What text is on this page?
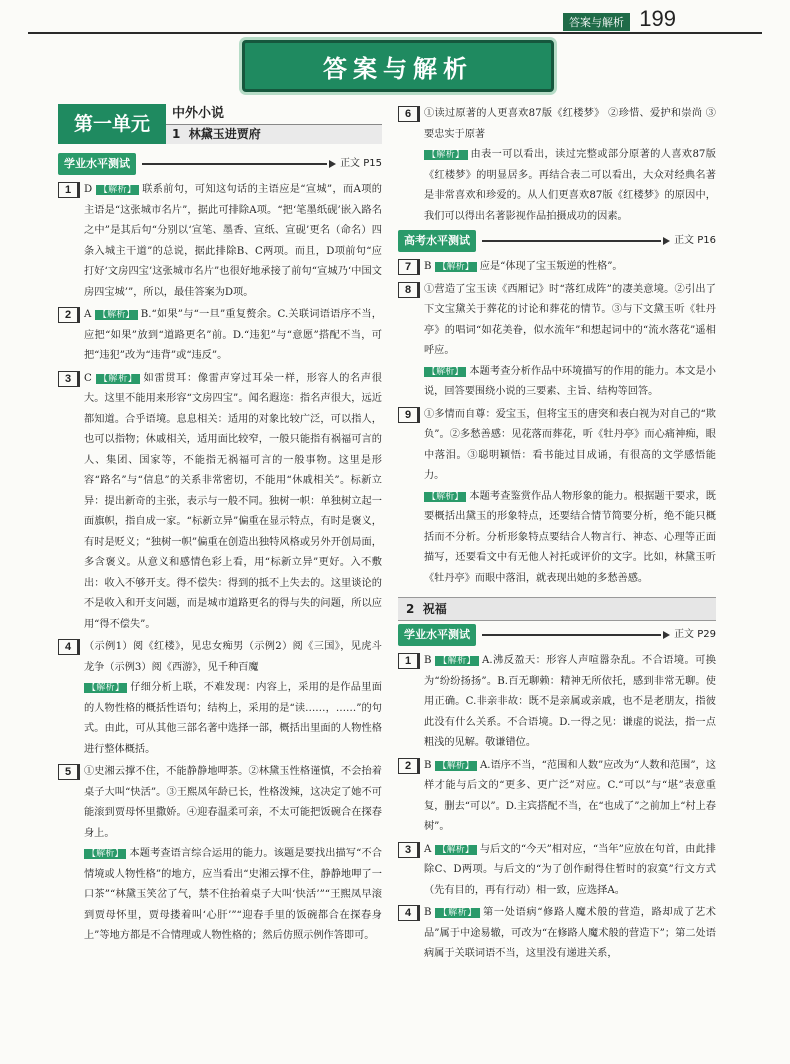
答案与解析 199
答案与解析
第一单元	中外小说
1 林黛玉进贾府
学业水平测试	正文 P15
1	D 【解析】 联系前句，可知这句话的主语应是“宣城”，而A项的主语是“这张城市名片”，据此可排除A项。“把‘笔墨纸砚’嵌入路名之中”是其后句“分别以‘宣笔、墨香、宣纸、宣砚’更名（命名）四条入城主干道”的总说，据此排除B、C两项。而且，D项前句“应打好‘文房四宝’这张城市名片”也很好地承接了前句“宣城乃‘中国文房四宝城’”，所以，最佳答案为D项。

2	A 【解析】 B.“如果”与“一旦”重复赘余。C.关联词语语序不当，应把“如果”放到“道路更名”前。D.“违犯”与“意愿”搭配不当，可把“违犯”改为“违背”或“违反”。

3	C 【解析】 如雷贯耳：像雷声穿过耳朵一样，形容人的名声很大。这里不能用来形容“文房四宝”。闻名遐迩：指名声很大，远近都知道。合乎语境。息息相关：适用的对象比较广泛，可以指人，也可以指物；休戚相关，适用面比较窄，一般只能指有祸福可言的人、集团、国家等，不能指无祸福可言的一般事物。这里是形容“路名”与“信息”的关系非常密切，不能用“休戚相关”。标新立异：提出新奇的主张，表示与一般不同。独树一帜：单独树立起一面旗帜，指自成一家。“标新立异”偏重在显示特点，有时是褒义，有时是贬义；“独树一帜”偏重在创造出独特风格或另外开创局面，多含褒义。从意义和感情色彩上看，用“标新立异”更好。入不敷出：收入不够开支。得不偿失：得到的抵不上失去的。这里谈论的不是收入和开支问题，而是城市道路更名的得与失的问题，所以应用“得不偿失”。

4	（示例1）阅《红楼》，见忠女痴男（示例2）阅《三国》，见虎斗龙争（示例3）阅《西游》，见千种百魔

【解析】 仔细分析上联，不难发现：内容上，采用的是作品里面的人物性格的概括性语句；结构上，采用的是“读……，……”的句式。由此，可从其他三部名著中选择一部，概括出里面的人物性格进行整体概括。

5	①史湘云撑不住，不能静静地呷茶。②林黛玉性格谨慎，不会抬着桌子大叫“快活”。③王熙凤年龄已长，性格泼辣，这决定了她不可能滚到贾母怀里撒娇。④迎春温柔可亲，不太可能把饭碗合在探春身上。

【解析】 本题考查语言综合运用的能力。该题是要找出描写“不合情境或人物性格”的地方，应当看出“史湘云撑不住，静静地呷了一口茶”“林黛玉笑岔了气，禁不住抬着桌子大叫‘快活’”“王熙凤早滚到贾母怀里，贾母搂着叫‘心肝’”“迎春手里的饭碗都合在探春身上”等地方都是不合情理或人物性格的；然后仿照示例作答即可。

6	①读过原著的人更喜欢87版《红楼梦》 ②珍惜、爱护和崇尚 ③要忠实于原著

【解析】 由表一可以看出，读过完整或部分原著的人喜欢87版《红楼梦》的明显居多。再结合表二可以看出，大众对经典名著是非常喜欢和珍爱的。从人们更喜欢87版《红楼梦》的原因中，我们可以得出名著影视作品拍摄成功的因素。

高考水平测试	正文 P16
7	B 【解析】 应是“体现了宝玉叛逆的性格”。

8	①营造了宝玉读《西厢记》时“落红成阵”的凄美意境。②引出了下文宝黛关于葬花的讨论和葬花的情节。③与下文黛玉听《牡丹亭》的唱词“如花美眷，似水流年”和想起词中的“流水落花”遥相呼应。

【解析】 本题考查分析作品中环境描写的作用的能力。本文是小说，回答要围绕小说的三要素、主旨、结构等回答。

9	①多情而自尊：爱宝玉，但将宝玉的唐突和表白视为对自己的“欺负”。②多愁善感：见花落而葬花，听《牡丹亭》而心痛神痴，眼中落泪。③聪明颖悟：看书能过目成诵，有很高的文学感悟能力。

【解析】 本题考查鉴赏作品人物形象的能力。根据题干要求，既要概括出黛玉的形象特点，还要结合情节简要分析，绝不能只概括而不分析。分析形象特点要结合人物言行、神态、心理等正面描写，还要看文中有无他人衬托或评价的文字。比如，林黛玉听《牡丹亭》而眼中落泪，就表现出她的多愁善感。

2 祝福
学业水平测试	正文 P29
1	B 【解析】 A.沸反盈天：形容人声喧嚣杂乱。不合语境。可换为“纷纷扬扬”。B.百无聊赖：精神无所依托，感到非常无聊。使用正确。C.非亲非故：既不是亲属或亲戚，也不是老朋友，指彼此没有什么关系。不合语境。D.一得之见：谦虚的说法，指一点粗浅的见解。敬谦错位。

2	B 【解析】 A.语序不当，“范围和人数”应改为“人数和范围”，这样才能与后文的“更多、更广泛”对应。C.“可以”与“堪”表意重复，删去“可以”。D.主宾搭配不当，在“也成了”之前加上“村上春树”。

3	A 【解析】 与后文的“今天”相对应，“当年”应放在句首，由此排除C、D两项。与后文的“为了创作耐得住暂时的寂寞”行文方式（先有目的，再有行动）相一致，应选择A。

4	B 【解析】 第一处语病“修路人魔术般的营造，路却成了艺术品”属于中途易辙，可改为“在修路人魔术般的营造下”；第二处语病属于关联词语不当，这里没有递进关系，
